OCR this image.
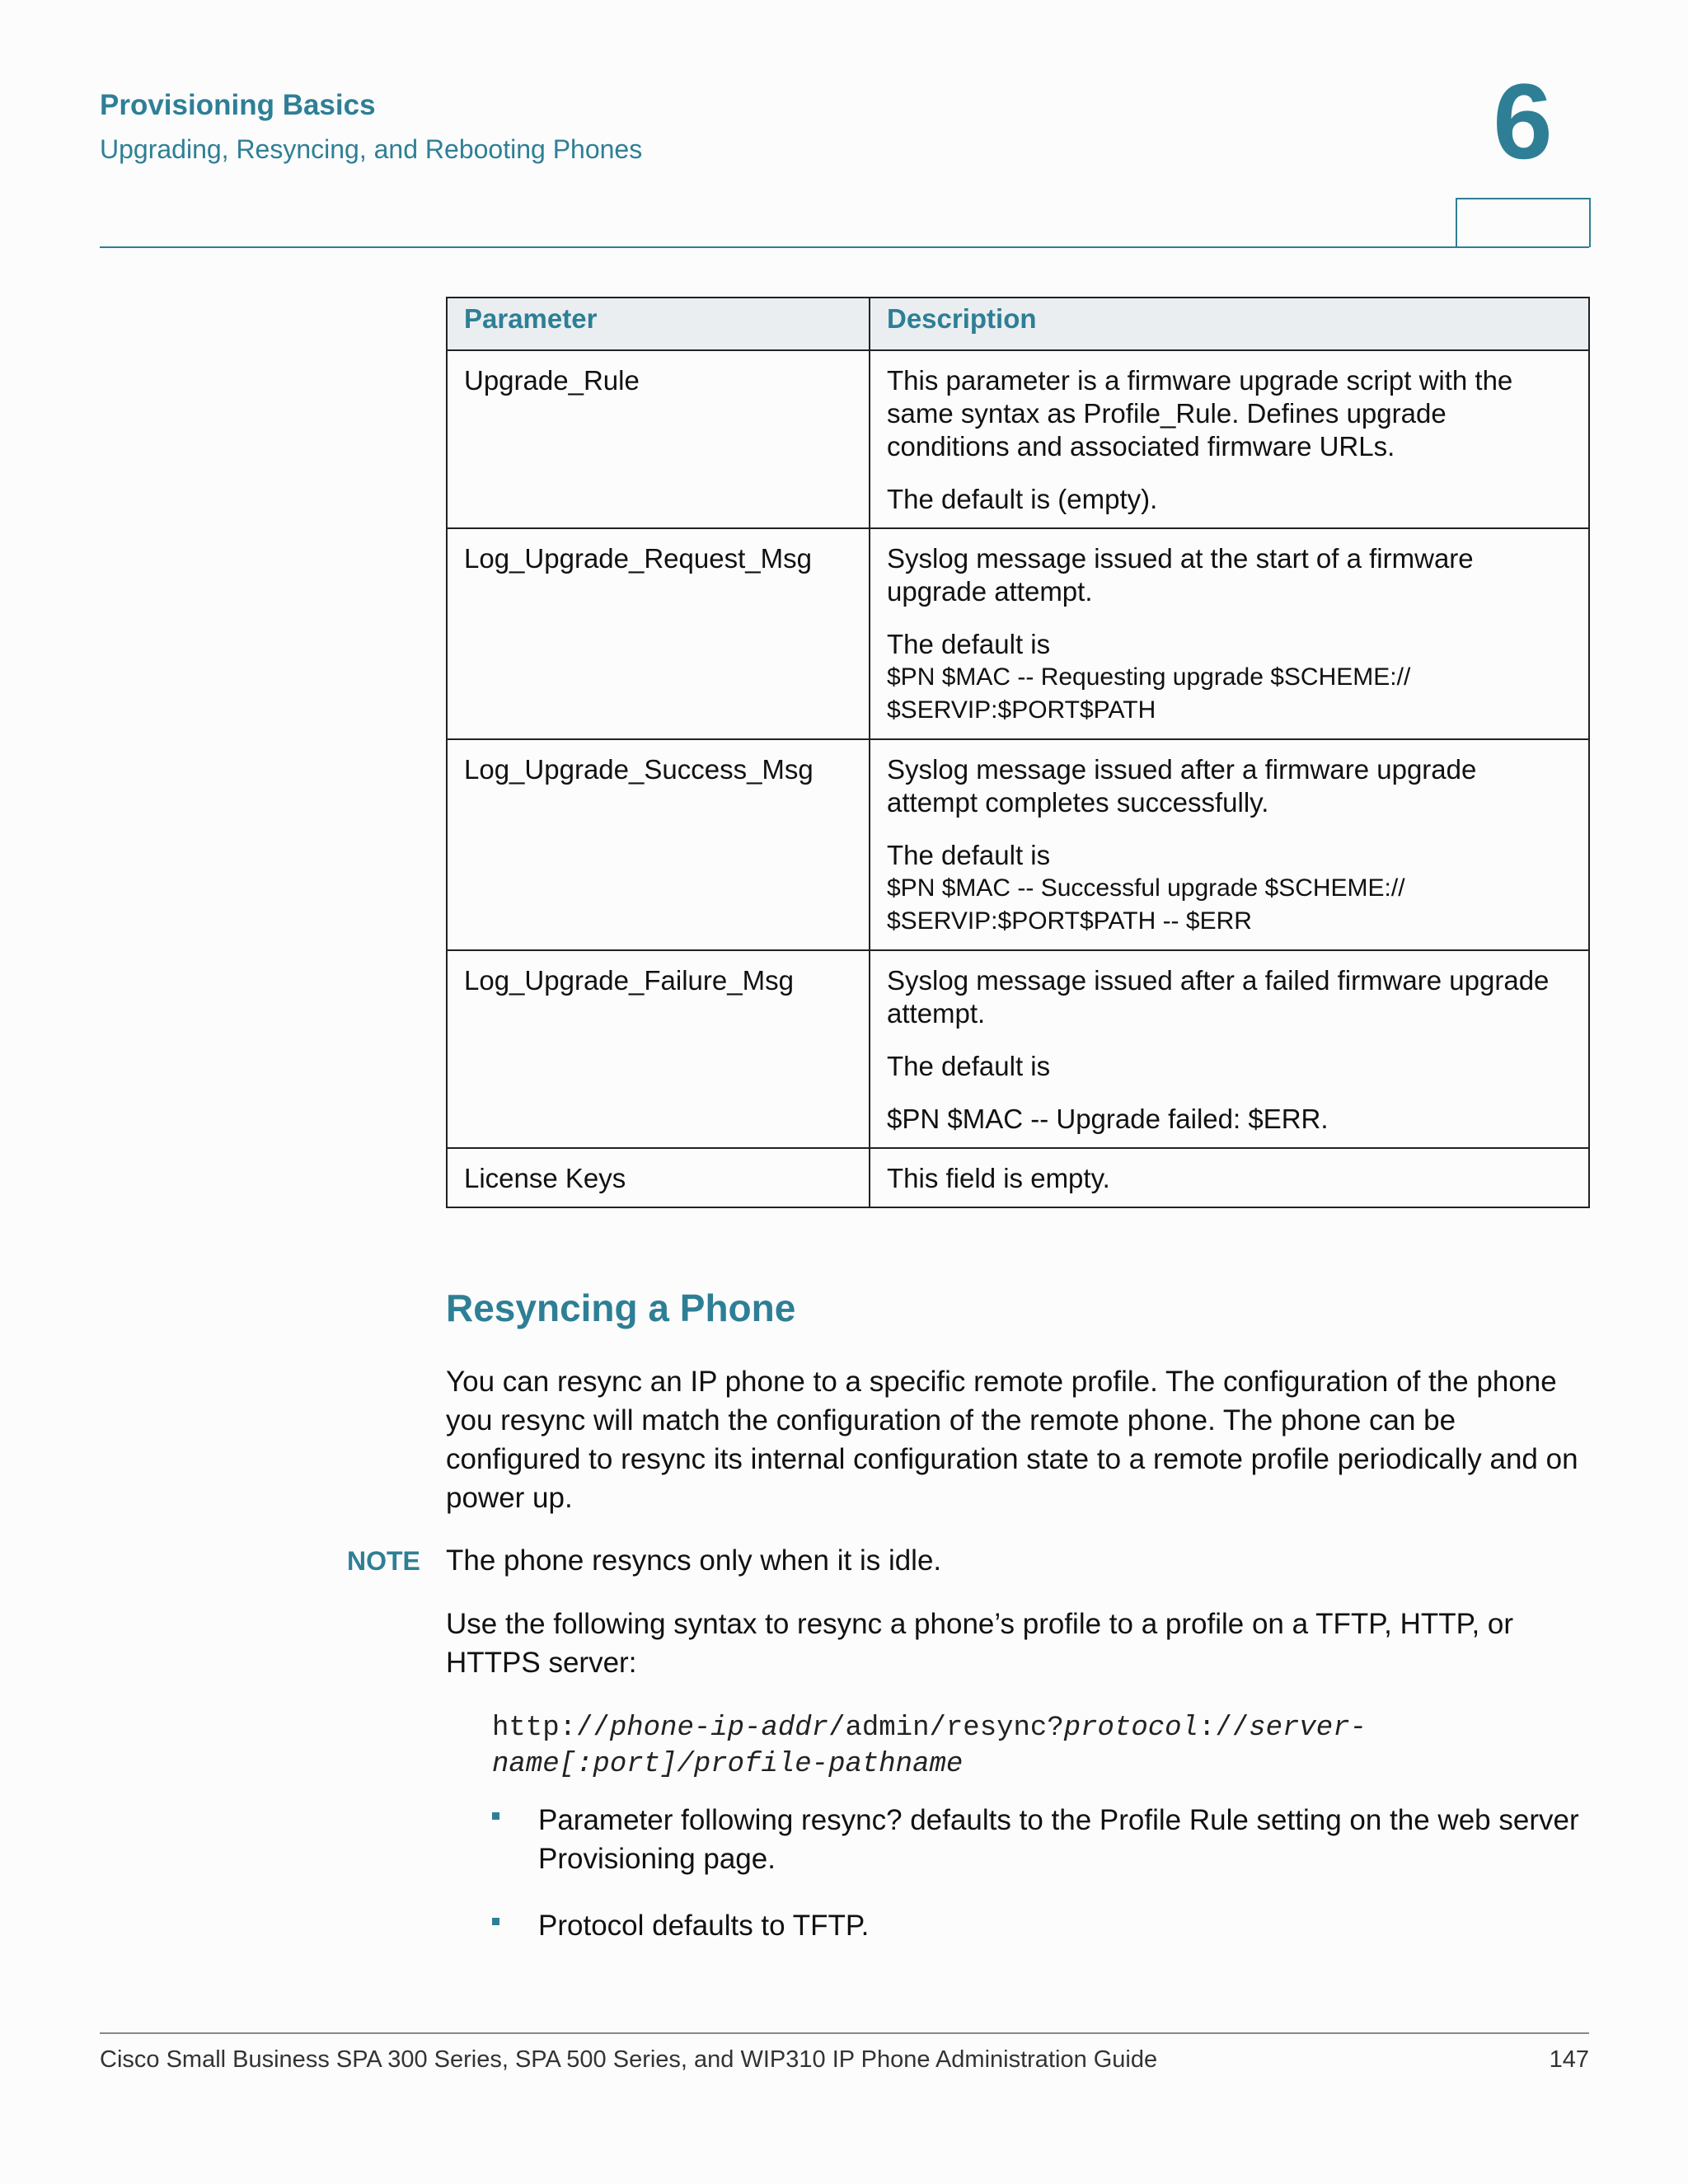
Provisioning Basics
Upgrading, Resyncing, and Rebooting Phones	6
Parameter	Description
Upgrade_Rule	This parameter is a firmware upgrade script with the same syntax as Profile_Rule. Defines upgrade conditions and associated firmware URLs.

The default is (empty).

Log_Upgrade_Request_Msg	Syslog message issued at the start of a firmware upgrade attempt.

The default is
$PN $MAC -- Requesting upgrade $SCHEME:// $SERVIP:$PORT$PATH

Log_Upgrade_Success_Msg	Syslog message issued after a firmware upgrade attempt completes successfully.

The default is
$PN $MAC -- Successful upgrade $SCHEME:// $SERVIP:$PORT$PATH -- $ERR

Log_Upgrade_Failure_Msg	Syslog message issued after a failed firmware upgrade attempt.

The default is

$PN $MAC -- Upgrade failed: $ERR.

License Keys	This field is empty.

Resyncing a Phone

You can resync an IP phone to a specific remote profile. The configuration of the phone you resync will match the configuration of the remote phone. The phone can be configured to resync its internal configuration state to a remote profile periodically and on power up.

NOTE The phone resyncs only when it is idle.

Use the following syntax to resync a phone’s profile to a profile on a TFTP, HTTP, or HTTPS server:

http://phone-ip-addr/admin/resync?protocol://server-
name[:port]/profile-pathname
Parameter following resync? defaults to the Profile Rule setting on the web server Provisioning page.
Protocol defaults to TFTP.
Cisco Small Business SPA 300 Series, SPA 500 Series, and WIP310 IP Phone Administration Guide	147
